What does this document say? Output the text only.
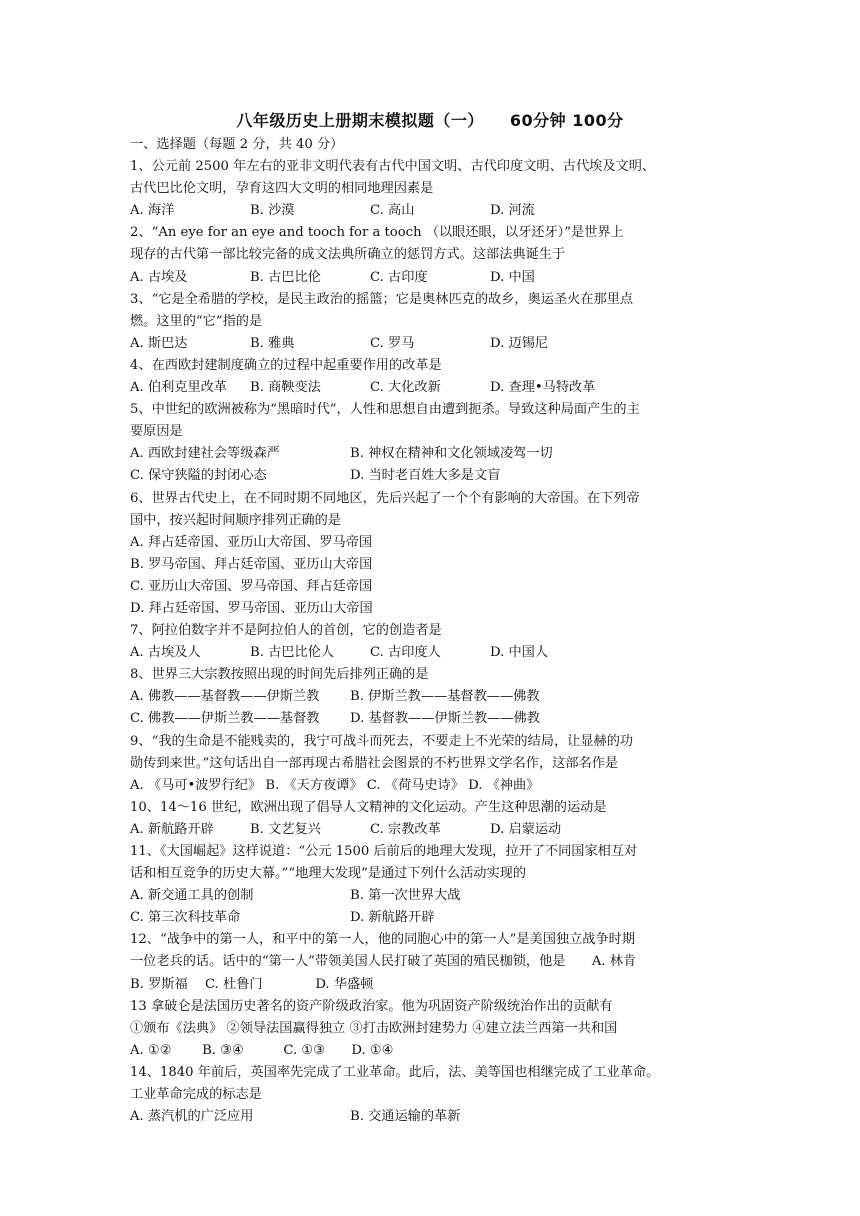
八年级历史上册期末模拟题（一） 60分钟 100分
一、选择题（每题 2 分，共 40 分）
1、公元前 2500 年左右的亚非文明代表有古代中国文明、古代印度文明、古代埃及文明、
古代巴比伦文明，孕育这四大文明的相同地理因素是
A. 海洋	B. 沙漠	C. 高山	D. 河流
2、“An eye for an eye and tooch for a tooch （以眼还眼，以牙还牙）”是世界上
现存的古代第一部比较完备的成文法典所确立的惩罚方式。这部法典诞生于
A. 古埃及	B. 古巴比伦	C. 古印度	D. 中国
3、“它是全希腊的学校，是民主政治的摇篮；它是奥林匹克的故乡，奥运圣火在那里点
燃。这里的“它”指的是
A. 斯巴达	B. 雅典	C. 罗马	D. 迈锡尼
4、在西欧封建制度确立的过程中起重要作用的改革是
A. 伯利克里改革	B. 商鞅变法	C. 大化改新	D. 查理•马特改革
5、中世纪的欧洲被称为“黑暗时代”，人性和思想自由遭到扼杀。导致这种局面产生的主
要原因是
A. 西欧封建社会等级森严	B. 神权在精神和文化领域凌驾一切
C. 保守狭隘的封闭心态	D. 当时老百姓大多是文盲
6、世界古代史上，在不同时期不同地区，先后兴起了一个个有影响的大帝国。在下列帝
国中，按兴起时间顺序排列正确的是
A. 拜占廷帝国、亚历山大帝国、罗马帝国
B. 罗马帝国、拜占廷帝国、亚历山大帝国
C. 亚历山大帝国、罗马帝国、拜占廷帝国
D. 拜占廷帝国、罗马帝国、亚历山大帝国
7、阿拉伯数字并不是阿拉伯人的首创，它的创造者是
A. 古埃及人	B. 古巴比伦人	C. 古印度人	D. 中国人
8、世界三大宗教按照出现的时间先后排列正确的是
A. 佛教——基督教——伊斯兰教	B. 伊斯兰教——基督教——佛教
C. 佛教——伊斯兰教——基督教	D. 基督教——伊斯兰教——佛教
9、“我的生命是不能贱卖的，我宁可战斗而死去，不要走上不光荣的结局，让显赫的功
勋传到来世。”这句话出自一部再现古希腊社会图景的不朽世界文学名作，这部名作是
A. 《马可•波罗行纪》 B. 《天方夜谭》 C. 《荷马史诗》 D. 《神曲》
10、14～16 世纪，欧洲出现了倡导人文精神的文化运动。产生这种思潮的运动是
A. 新航路开辟	B. 文艺复兴	C. 宗教改革	D. 启蒙运动
11、《大国崛起》这样说道：“公元 1500 后前后的地理大发现，拉开了不同国家相互对
话和相互竞争的历史大幕。”“地理大发现”是通过下列什么活动实现的
A. 新交通工具的创制	B. 第一次世界大战
C. 第三次科技革命	D. 新航路开辟
12、“战争中的第一人，和平中的第一人，他的同胞心中的第一人”是美国独立战争时期
一位老兵的话。话中的“第一人”带领美国人民打破了英国的殖民枷锁，他是　　A. 林肯
B. 罗斯福　 C. 杜鲁门　　　　D. 华盛顿
13 拿破仑是法国历史著名的资产阶级政治家。他为巩固资产阶级统治作出的贡献有
①颁布《法典》 ②领导法国赢得独立 ③打击欧洲封建势力 ④建立法兰西第一共和国
A. ①②　　 B. ③④　　　C. ①③　　D. ①④
14、1840 年前后，英国率先完成了工业革命。此后，法、美等国也相继完成了工业革命。
工业革命完成的标志是
A. 蒸汽机的广泛应用	B. 交通运输的革新
